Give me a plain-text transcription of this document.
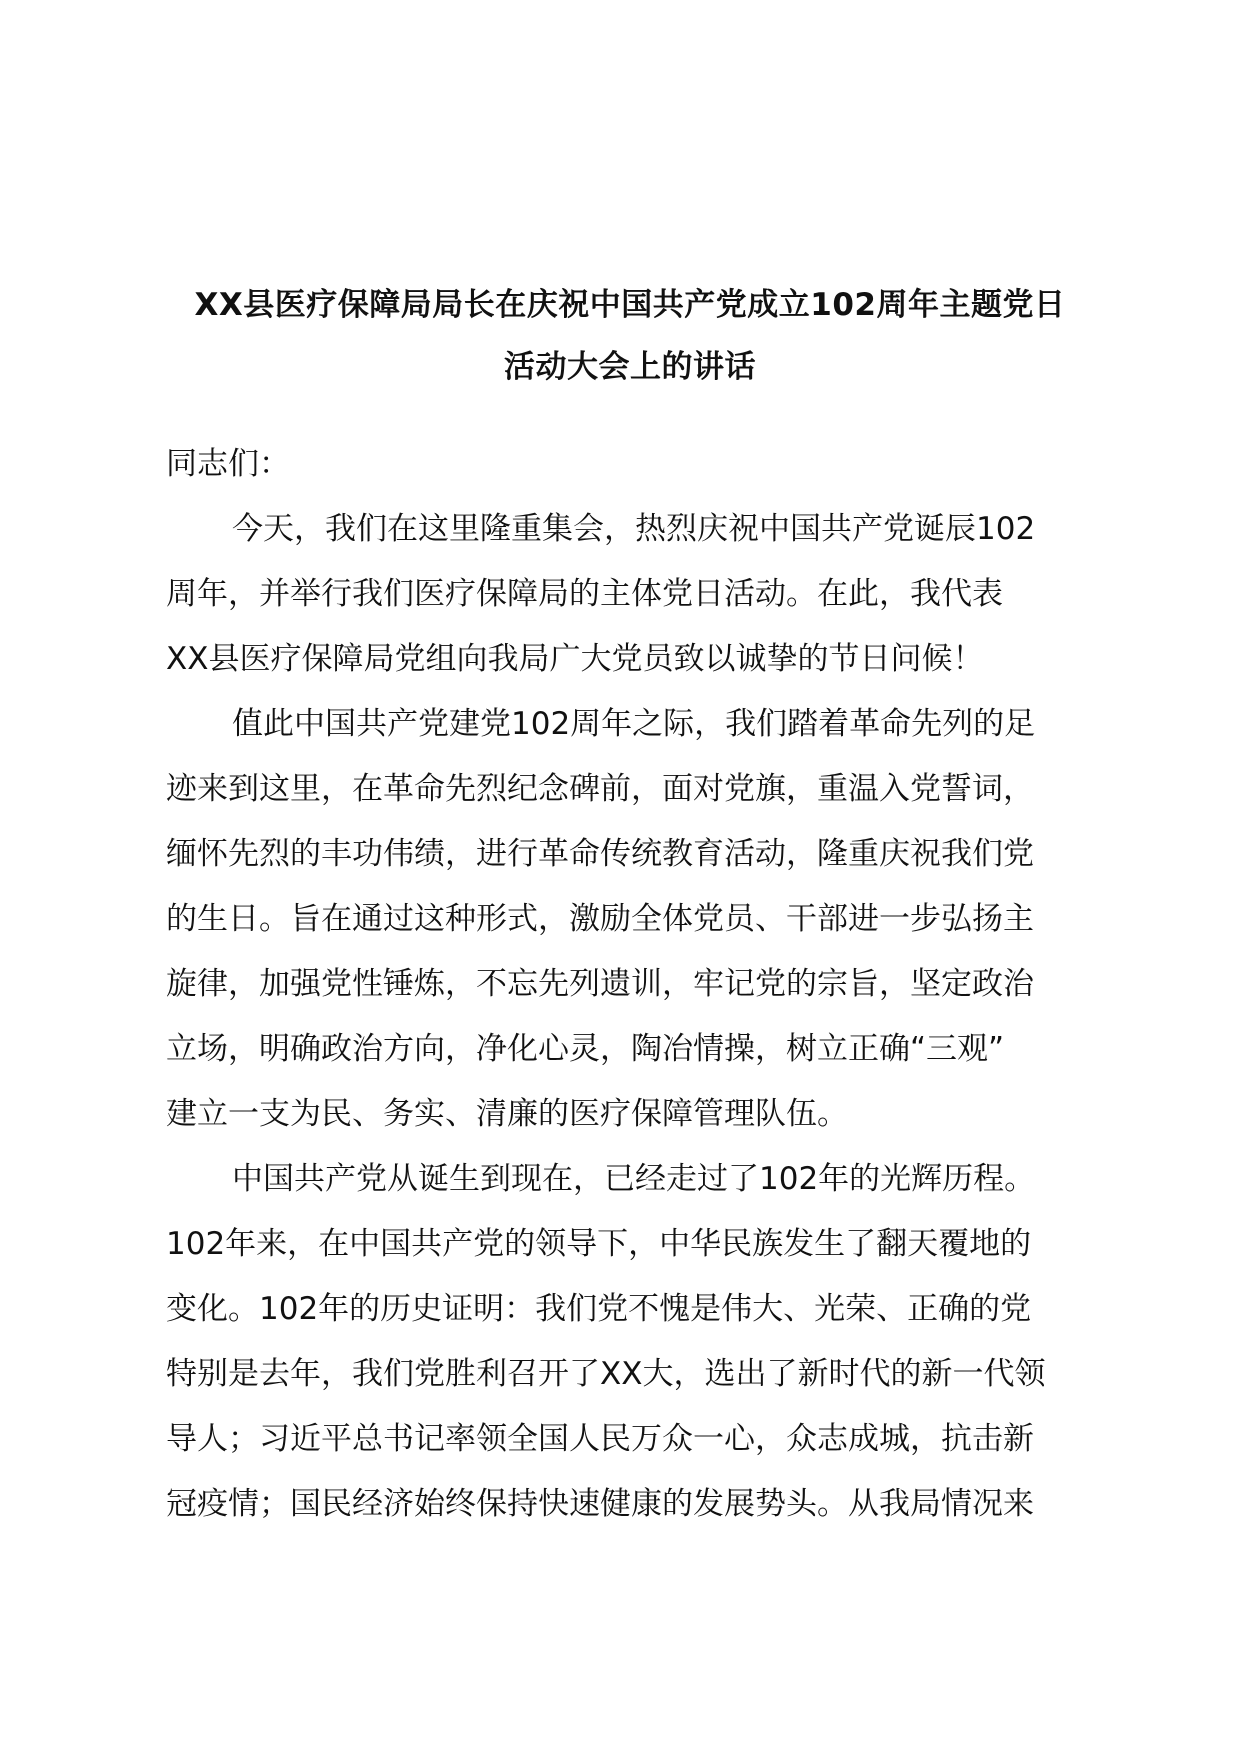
XX县医疗保障局局长在庆祝中国共产党成立102周年主题党日
活动大会上的讲话
同志们：
今天，我们在这里隆重集会，热烈庆祝中国共产党诞辰102
周年，并举行我们医疗保障局的主体党日活动。在此，我代表
XX县医疗保障局党组向我局广大党员致以诚挚的节日问候！
值此中国共产党建党102周年之际，我们踏着革命先列的足
迹来到这里，在革命先烈纪念碑前，面对党旗，重温入党誓词，
缅怀先烈的丰功伟绩，进行革命传统教育活动，隆重庆祝我们党
的生日。旨在通过这种形式，激励全体党员、干部进一步弘扬主
旋律，加强党性锤炼，不忘先列遗训，牢记党的宗旨，坚定政治
立场，明确政治方向，净化心灵，陶冶情操，树立正确“三观”
建立一支为民、务实、清廉的医疗保障管理队伍。
中国共产党从诞生到现在，已经走过了102年的光辉历程。
102年来，在中国共产党的领导下，中华民族发生了翻天覆地的
变化。102年的历史证明：我们党不愧是伟大、光荣、正确的党
特别是去年，我们党胜利召开了XX大，选出了新时代的新一代领
导人；习近平总书记率领全国人民万众一心，众志成城，抗击新
冠疫情；国民经济始终保持快速健康的发展势头。从我局情况来
